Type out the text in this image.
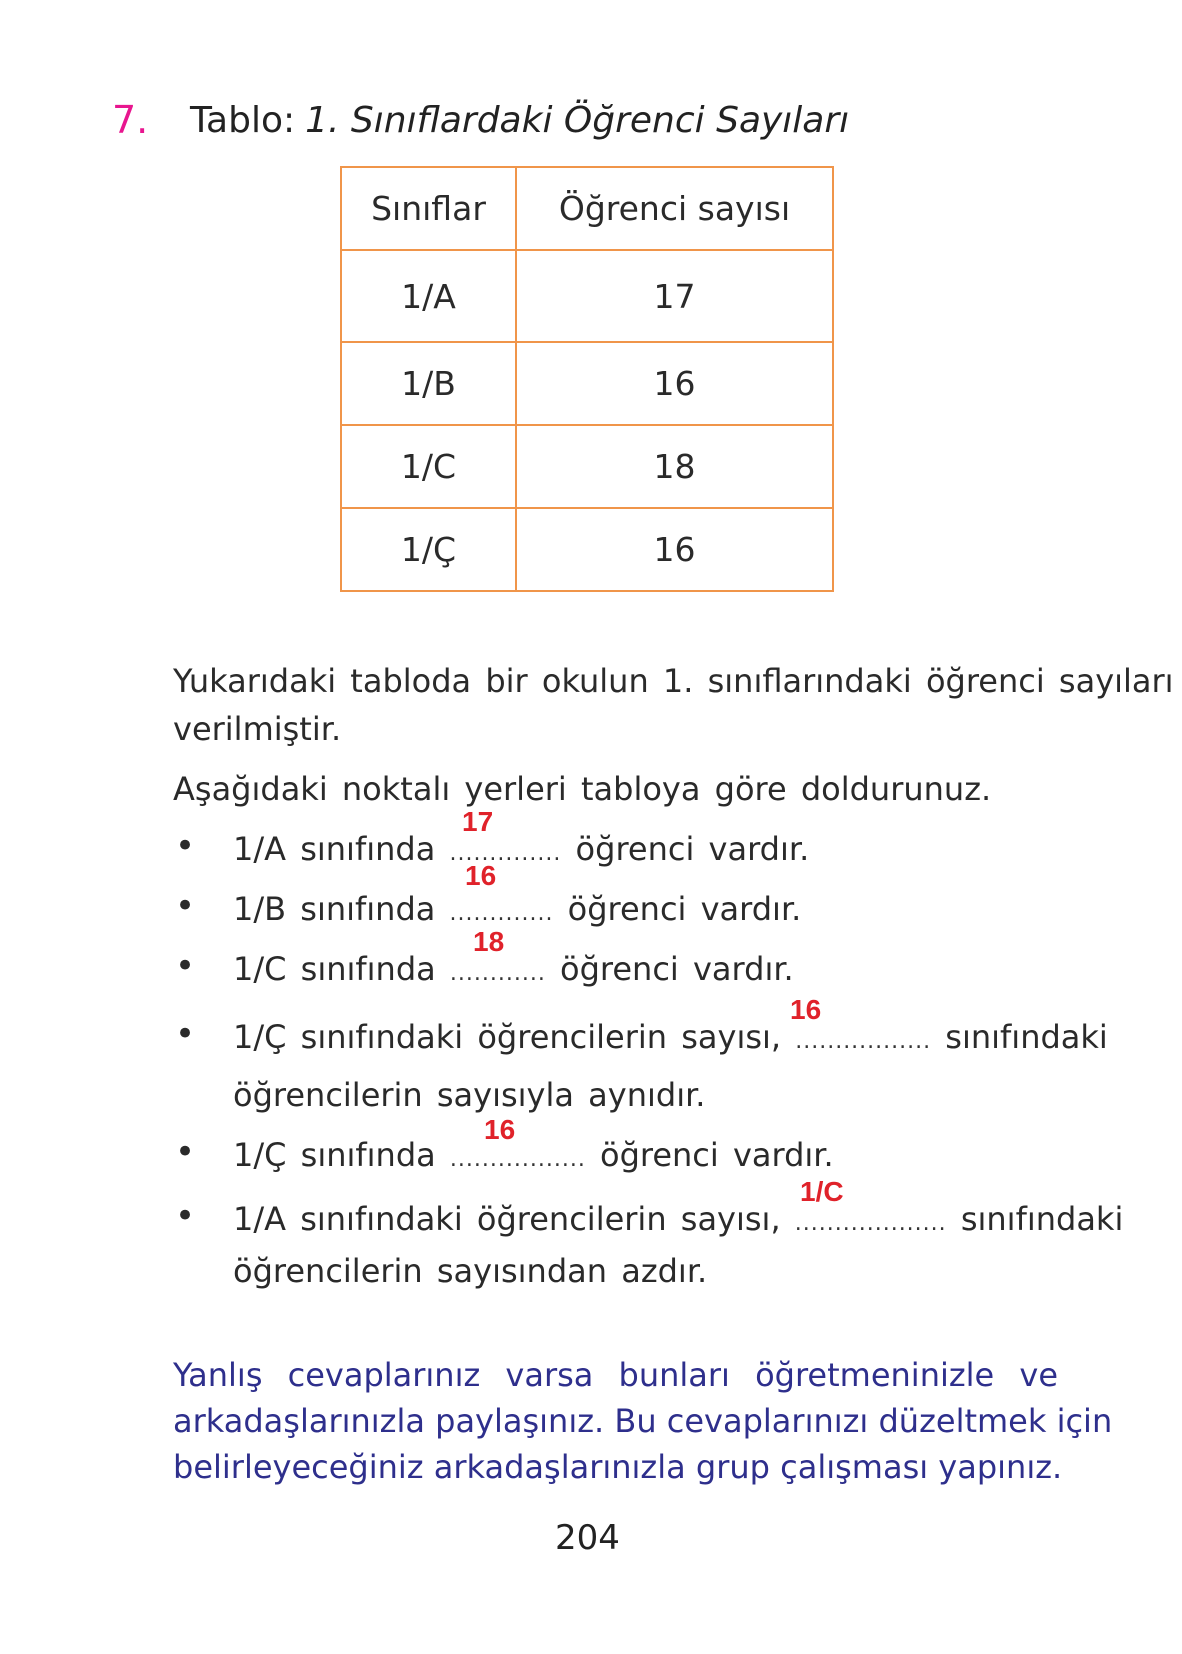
7. Tablo: 1. Sınıflardaki Öğrenci Sayıları
Sınıflar	Öğrenci sayısı
1/A	17
1/B	16
1/C	18
1/Ç	16
Yukarıdaki tabloda bir okulun 1. sınıflarındaki öğrenci sayıları
verilmiştir.
Aşağıdaki noktalı yerleri tabloya göre doldurunuz.
• 1/A sınıfında .............. öğrenci vardır.
17
• 1/B sınıfında ............. öğrenci vardır.
16
• 1/C sınıfında ............ öğrenci vardır.
18
• 1/Ç sınıfındaki öğrencilerin sayısı, ................. sınıfındaki
öğrencilerin sayısıyla aynıdır.
16
• 1/Ç sınıfında ................. öğrenci vardır.
16
• 1/A sınıfındaki öğrencilerin sayısı, ................... sınıfındaki
öğrencilerin sayısından azdır.
1/C
Yanlış cevaplarınız varsa bunları öğretmeninizle ve
arkadaşlarınızla paylaşınız. Bu cevaplarınızı düzeltmek için
belirleyeceğiniz arkadaşlarınızla grup çalışması yapınız.
204
